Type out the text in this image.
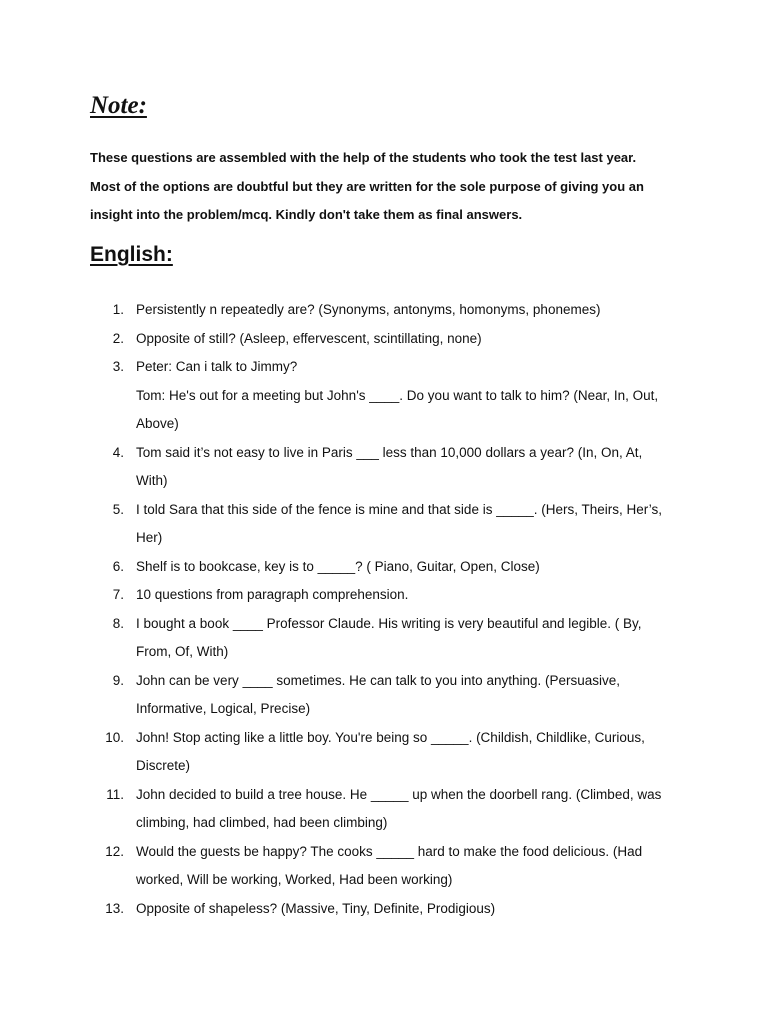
Note:
These questions are assembled with the help of the students who took the test last year.
Most of the options are doubtful but they are written for the sole purpose of giving you an
insight into the problem/mcq. Kindly don't take them as final answers.
English:
1. Persistently n repeatedly are? (Synonyms, antonyms, homonyms, phonemes)
2. Opposite of still? (Asleep, effervescent, scintillating, none)
3. Peter: Can i talk to Jimmy?
Tom: He's out for a meeting but John's ____. Do you want to talk to him? (Near, In, Out,
Above)
4. Tom said it’s not easy to live in Paris ___ less than 10,000 dollars a year? (In, On, At,
With)
5. I told Sara that this side of the fence is mine and that side is _____. (Hers, Theirs, Her’s,
Her)
6. Shelf is to bookcase, key is to _____? ( Piano, Guitar, Open, Close)
7. 10 questions from paragraph comprehension.
8. I bought a book ____ Professor Claude. His writing is very beautiful and legible. ( By,
From, Of, With)
9. John can be very ____ sometimes. He can talk to you into anything. (Persuasive,
Informative, Logical, Precise)
10. John! Stop acting like a little boy. You're being so _____. (Childish, Childlike, Curious,
Discrete)
11. John decided to build a tree house. He _____ up when the doorbell rang. (Climbed, was
climbing, had climbed, had been climbing)
12. Would the guests be happy? The cooks _____ hard to make the food delicious. (Had
worked, Will be working, Worked, Had been working)
13. Opposite of shapeless? (Massive, Tiny, Definite, Prodigious)
